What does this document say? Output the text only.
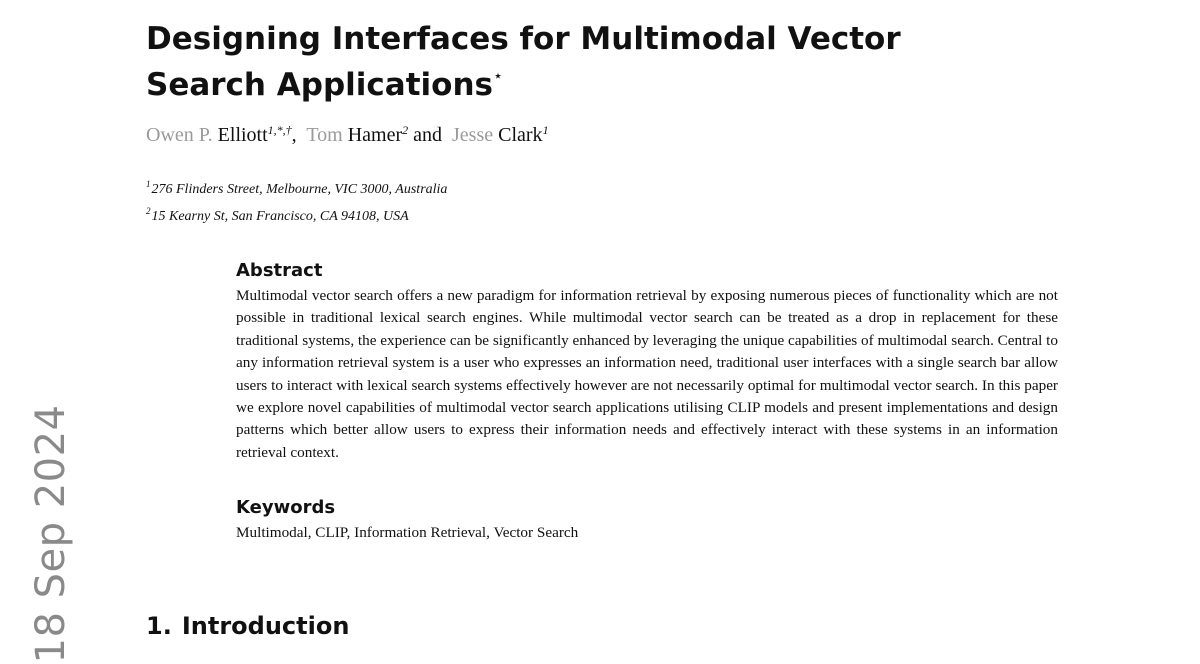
18 Sep 2024
Designing Interfaces for Multimodal Vector Search Applications⋆
Owen P. Elliott$^{1,*,\dagger}$, Tom Hamer$^2$ and Jesse Clark$^1$
$^1$276 Flinders Street, Melbourne, VIC 3000, Australia
$^2$15 Kearny St, San Francisco, CA 94108, USA
Abstract

Multimodal vector search offers a new paradigm for information retrieval by exposing numerous pieces of functionality which are not possible in traditional lexical search engines. While multimodal vector search can be treated as a drop in replacement for these traditional systems, the experience can be significantly enhanced by leveraging the unique capabilities of multimodal search. Central to any information retrieval system is a user who expresses an information need, traditional user interfaces with a single search bar allow users to interact with lexical search systems effectively however are not necessarily optimal for multimodal vector search. In this paper we explore novel capabilities of multimodal vector search applications utilising CLIP models and present implementations and design patterns which better allow users to express their information needs and effectively interact with these systems in an information retrieval context.

Keywords

Multimodal, CLIP, Information Retrieval, Vector Search

1. Introduction
